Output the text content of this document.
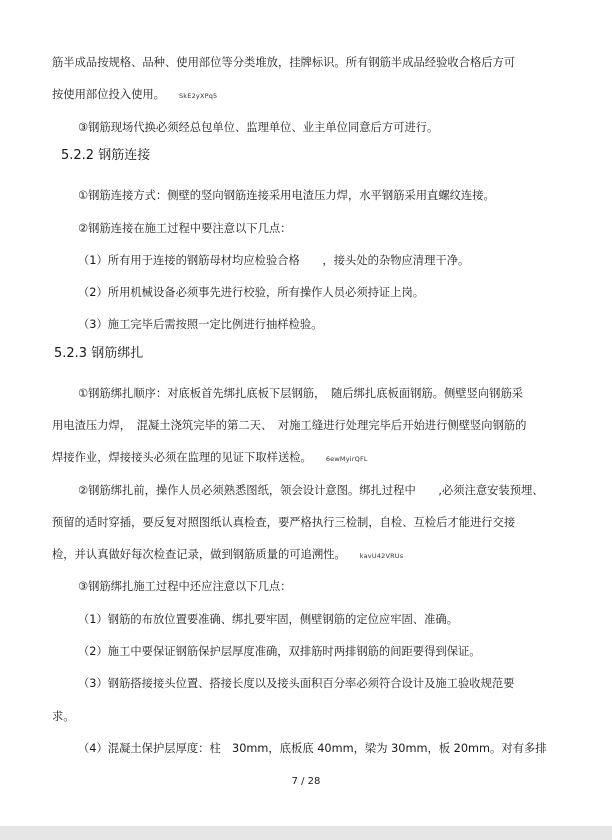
筋半成品按规格、品种、使用部位等分类堆放，挂牌标识。所有钢筋半成品经验收合格后方可
按使用部位投入使用。 SkE2yXPq5
③钢筋现场代换必须经总包单位、监理单位、业主单位同意后方可进行。
5.2.2 钢筋连接
①钢筋连接方式：侧壁的竖向钢筋连接采用电渣压力焊，水平钢筋采用直螺纹连接。
②钢筋连接在施工过程中要注意以下几点：
（1）所有用于连接的钢筋母材均应检验合格　　，接头处的杂物应清理干净。
（2）所用机械设备必须事先进行校验，所有操作人员必须持证上岗。
（3）施工完毕后需按照一定比例进行抽样检验。
5.2.3 钢筋绑扎
①钢筋绑扎顺序：对底板首先绑扎底板下层钢筋，　随后绑扎底板面钢筋。侧壁竖向钢筋采
用电渣压力焊，　混凝土浇筑完毕的第二天、　对施工缝进行处理完毕后开始进行侧壁竖向钢筋的
焊接作业，焊接接头必须在监理的见证下取样送检。 6ewMyirQFL
②钢筋绑扎前，操作人员必须熟悉图纸，领会设计意图。绑扎过程中　　,必须注意安装预埋、
预留的适时穿插，要反复对照图纸认真检查，要严格执行三检制，自检、互检后才能进行交接
检，并认真做好每次检查记录，做到钢筋质量的可追溯性。 kavU42VRUs
③钢筋绑扎施工过程中还应注意以下几点：
（1）钢筋的布放位置要准确、绑扎要牢固，侧壁钢筋的定位应牢固、准确。
（2）施工中要保证钢筋保护层厚度准确，双排筋时两排钢筋的间距要得到保证。
（3）钢筋搭接接头位置、搭接长度以及接头面积百分率必须符合设计及施工验收规范要
求。
（4）混凝土保护层厚度：柱　30mm，底板底 40mm，梁为 30mm，板 20mm。对有多排
7 / 28
